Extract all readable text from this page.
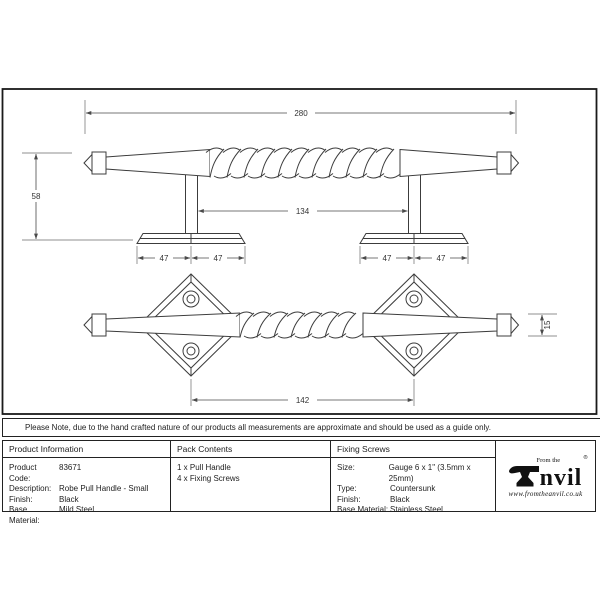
280
58
134
47	47	47	47
15
142
Please Note, due to the hand crafted nature of our products all measurements are approximate and should be used as a guide only.
Product Information
Product Code:
83671
Description: Robe Pull Handle - Small
Finish:	Black
Base Material:
Mild Steel
Pack Contents
1 x Pull Handle
4 x Fixing Screws
Fixing Screws
Size:	Gauge 6 x 1" (3.5mm x 25mm)
Type:	Countersunk
Finish:	Black
Base Material: Stainless Steel
From the	®
nvil
www.fromtheanvil.co.uk
